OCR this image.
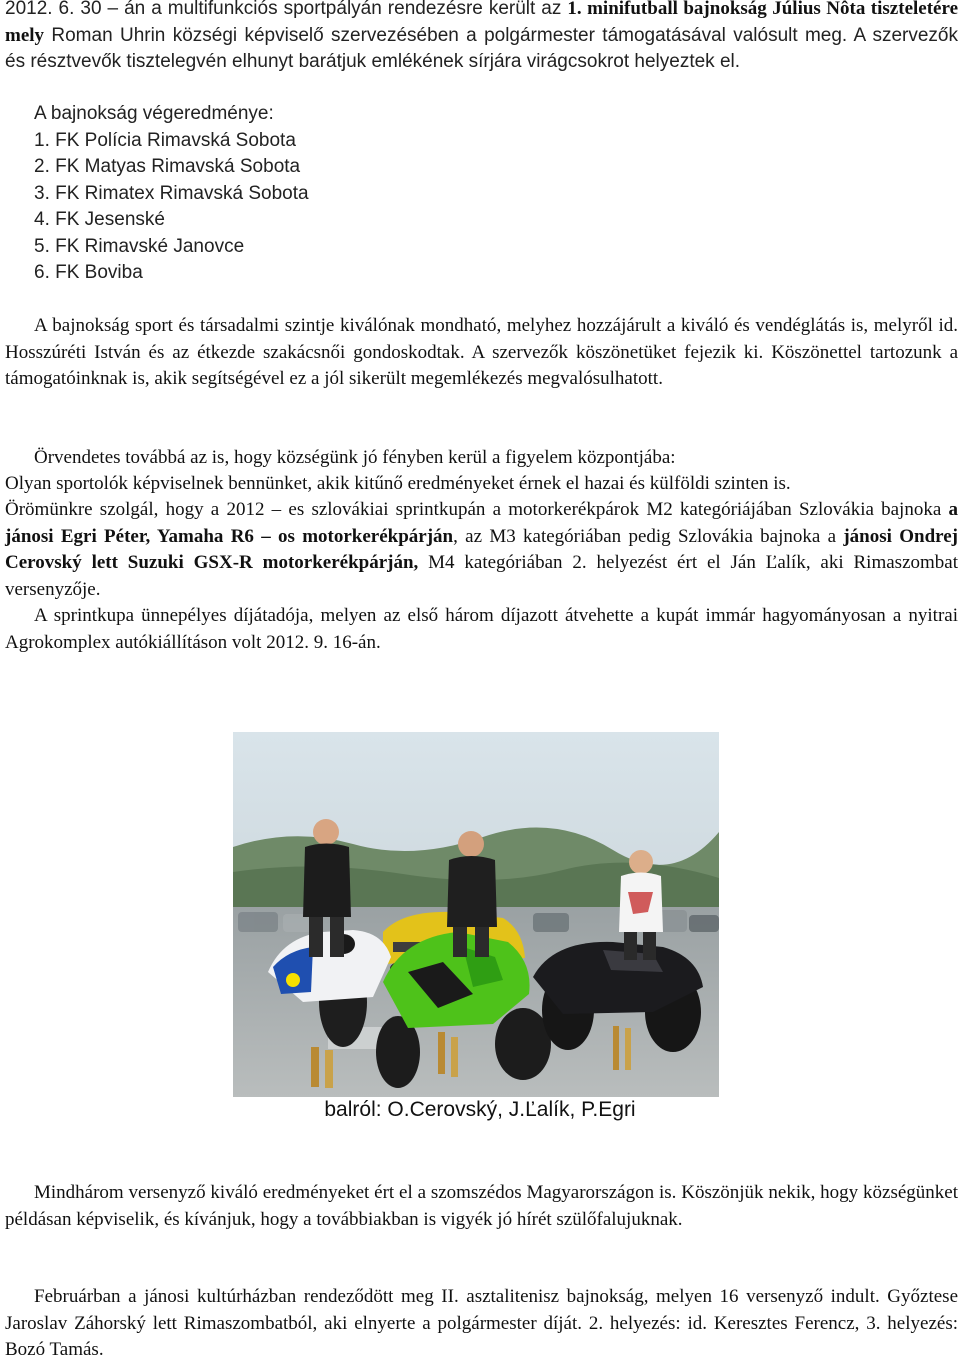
2012. 6. 30 – án a multifunkciós sportpályán rendezésre került az 1. minifutball bajnokság Július Nôta tiszteletére mely Roman Uhrin községi képviselő szervezésében a polgármester támogatásával valósult meg. A szervezők és résztvevők tisztelegvén elhunyt barátjuk emlékének sírjára virágcsokrot helyeztek el.
A bajnokság végeredménye:
1. FK Polícia Rimavská Sobota
2. FK Matyas Rimavská Sobota
3. FK Rimatex Rimavská Sobota
4. FK Jesenské
5. FK Rimavské Janovce
6. FK Boviba
A bajnokság sport és társadalmi szintje kiválónak mondható, melyhez hozzájárult a kiváló és vendéglátás is, melyről id. Hosszúréti István és az étkezde szakácsnői gondoskodtak. A szervezők köszönetüket fejezik ki. Köszönettel tartozunk a támogatóinknak is, akik segítségével ez a jól sikerült megemlékezés megvalósulhatott.
Örvendetes továbbá az is, hogy községünk jó fényben kerül a figyelem központjába:
Olyan sportolók képviselnek bennünket, akik kitűnő eredményeket érnek el hazai és külföldi szinten is.
Örömünkre szolgál, hogy a 2012 – es szlovákiai sprintkupán a motorkerékpárok M2 kategóriájában Szlovákia bajnoka a jánosi Egri Péter, Yamaha R6 – os motorkerékpárján, az M3 kategóriában pedig Szlovákia bajnoka a jánosi Ondrej Cerovský lett Suzuki GSX-R motorkerékpárján, M4 kategóriában 2. helyezést ért el Ján Ľalík, aki Rimaszombat versenyzője.
A sprintkupa ünnepélyes díjátadója, melyen az első három díjazott átvehette a kupát immár hagyományosan a nyitrai Agrokomplex autókiállításon volt 2012. 9. 16-án.
balról: O.Cerovský, J.Ľalík, P.Egri
Mindhárom versenyző kiváló eredményeket ért el a szomszédos Magyarországon is. Köszönjük nekik, hogy községünket példásan képviselik, és kívánjuk, hogy a továbbiakban is vigyék jó hírét szülőfalujuknak.
Februárban a jánosi kultúrházban rendeződött meg II. asztalitenisz bajnokság, melyen 16 versenyző indult. Győztese Jaroslav Záhorský lett Rimaszombatból, aki elnyerte a polgármester díját. 2. helyezés: id. Keresztes Ferencz, 3. helyezés: Bozó Tamás.
